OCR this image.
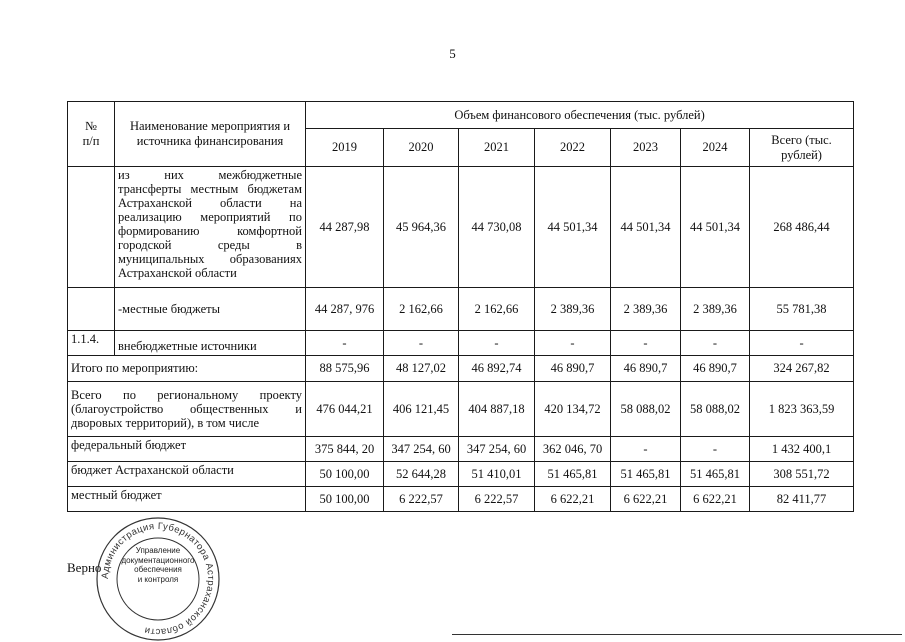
5
№
п/п	Наименование мероприятия и источника финансирования	Объем финансового обеспечения (тыс. рублей)						
		2019	2020	2021	2022	2023	2024	Всего (тыс. рублей)
	из них межбюджетные трансферты местным бюджетам Астраханской области на реализацию мероприятий по формированию комфортной городской среды в муниципальных образованиях Астраханской области	44 287,98	45 964,36	44 730,08	44 501,34	44 501,34	44 501,34	268 486,44
	-местные бюджеты	44 287, 976	2 162,66	2 162,66	2 389,36	2 389,36	2 389,36	55 781,38
1.1.4.	внебюджетные источники	-	-	-	-	-	-	-
Итого по мероприятию:		88 575,96	48 127,02	46 892,74	46 890,7	46 890,7	46 890,7	324 267,82
Всего по региональному проекту (благоустройство общественных и дворовых территорий), в том числе		476 044,21	406 121,45	404 887,18	420 134,72	58 088,02	58 088,02	1 823 363,59
федеральный бюджет		375 844, 20	347 254, 60	347 254, 60	362 046, 70	-	-	1 432 400,1
бюджет Астраханской области		50 100,00	52 644,28	51 410,01	51 465,81	51 465,81	51 465,81	308 551,72
местный бюджет		50 100,00	6 222,57	6 222,57	6 622,21	6 622,21	6 622,21	82 411,77
Верно
Администрация Губернатора Астраханской области
Управление
документационного
обеспечения
и контроля
